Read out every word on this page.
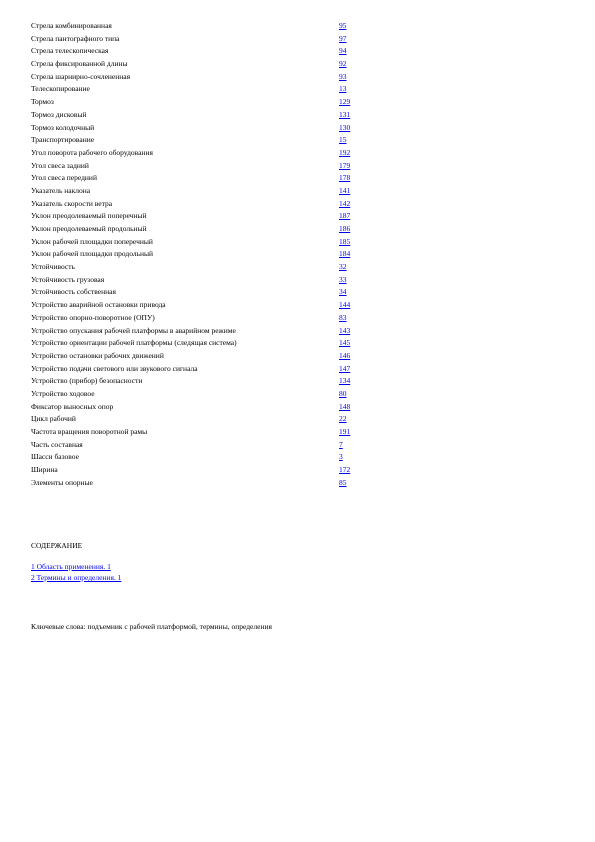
Стрела комбинированная	95
Стрела пантографного типа	97
Стрела телескопическая	94
Стрела фиксированной длины	92
Стрела шарнирно-сочлененная	93
Телескопирование	13
Тормоз	129
Тормоз дисковый	131
Тормоз колодочный	130
Транспортирование	15
Угол поворота рабочего оборудования	192
Угол свеса задний	179
Угол свеса передний	178
Указатель наклона	141
Указатель скорости ветра	142
Уклон преодолеваемый поперечный	187
Уклон преодолеваемый продольный	186
Уклон рабочей площадки поперечный	185
Уклон рабочей площадки продольный	184
Устойчивость	32
Устойчивость грузовая	33
Устойчивость собственная	34
Устройство аварийной остановки привода	144
Устройство опорно-поворотное (ОПУ)	83
Устройство опускания рабочей платформы в аварийном режиме	143
Устройство ориентации рабочей платформы (следящая система)	145
Устройство остановки рабочих движений	146
Устройство подачи светового или звукового сигнала	147
Устройство (прибор) безопасности	134
Устройство ходовое	80
Фиксатор выносных опор	148
Цикл рабочий	22
Частота вращения поворотной рамы	191
Часть составная	7
Шасси базовое	3
Ширина	172
Элементы опорные	85
СОДЕРЖАНИЕ
1 Область применения. 1
2 Термины и определения. 1
Ключевые слова: подъемник с рабочей платформой, термины, определения
